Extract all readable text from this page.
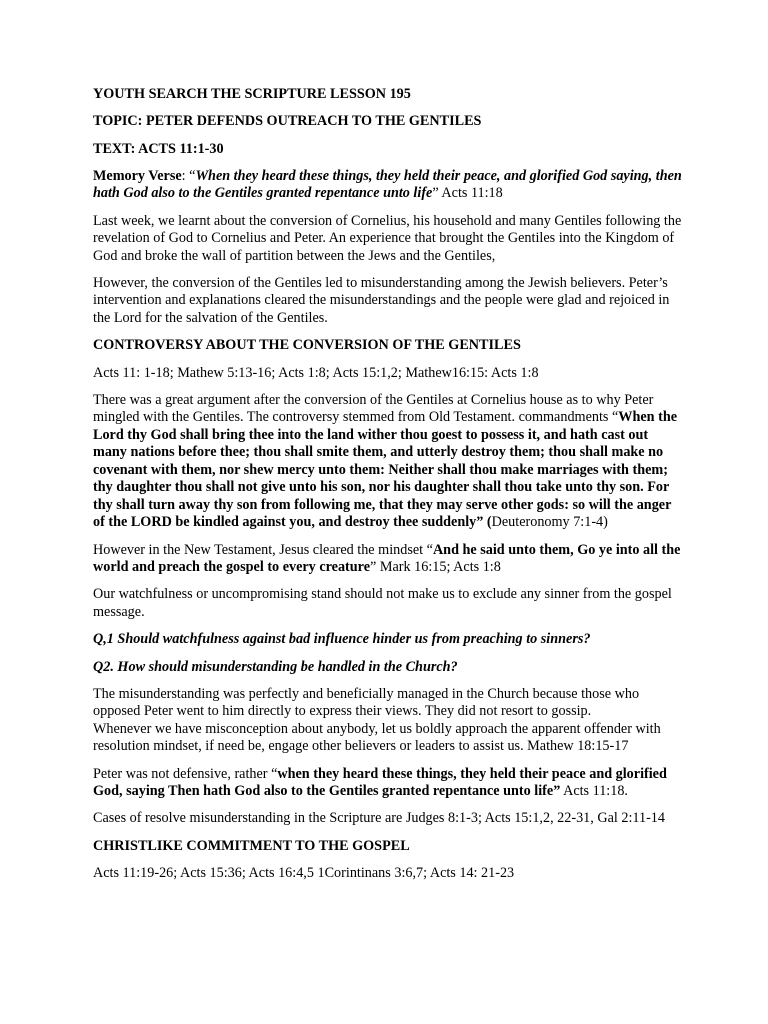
YOUTH SEARCH THE SCRIPTURE LESSON 195

TOPIC: PETER DEFENDS OUTREACH TO THE GENTILES

TEXT: ACTS 11:1-30

Memory Verse: “When they heard these things, they held their peace, and glorified God saying, then hath God also to the Gentiles granted repentance unto life” Acts 11:18

Last week, we learnt about the conversion of Cornelius, his household and many Gentiles following the revelation of God to Cornelius and Peter. An experience that brought the Gentiles into the Kingdom of God and broke the wall of partition between the Jews and the Gentiles,

However, the conversion of the Gentiles led to misunderstanding among the Jewish believers. Peter’s intervention and explanations cleared the misunderstandings and the people were glad and rejoiced in the Lord for the salvation of the Gentiles.

CONTROVERSY ABOUT THE CONVERSION OF THE GENTILES

Acts 11: 1-18; Mathew 5:13-16; Acts 1:8; Acts 15:1,2; Mathew16:15: Acts 1:8

There was a great argument after the conversion of the Gentiles at Cornelius house as to why Peter mingled with the Gentiles. The controversy stemmed from Old Testament. commandments “When the Lord thy God shall bring thee into the land wither thou goest to possess it, and hath cast out many nations before thee; thou shall smite them, and utterly destroy them; thou shall make no covenant with them, nor shew mercy unto them: Neither shall thou make marriages with them; thy daughter thou shall not give unto his son, nor his daughter shall thou take unto thy son. For thy shall turn away thy son from following me, that they may serve other gods: so will the anger of the LORD be kindled against you, and destroy thee suddenly” (Deuteronomy 7:1-4)

However in the New Testament, Jesus cleared the mindset “And he said unto them, Go ye into all the world and preach the gospel to every creature” Mark 16:15; Acts 1:8

Our watchfulness or uncompromising stand should not make us to exclude any sinner from the gospel message.

Q,1 Should watchfulness against bad influence hinder us from preaching to sinners?

Q2. How should misunderstanding be handled in the Church?

The misunderstanding was perfectly and beneficially managed in the Church because those who opposed Peter went to him directly to express their views. They did not resort to gossip.
Whenever we have misconception about anybody, let us boldly approach the apparent offender with resolution mindset, if need be, engage other believers or leaders to assist us. Mathew 18:15-17

Peter was not defensive, rather “when they heard these things, they held their peace and glorified God, saying Then hath God also to the Gentiles granted repentance unto life” Acts 11:18.

Cases of resolve misunderstanding in the Scripture are Judges 8:1-3; Acts 15:1,2, 22-31, Gal 2:11-14

CHRISTLIKE COMMITMENT TO THE GOSPEL

Acts 11:19-26; Acts 15:36; Acts 16:4,5 1Corintinans 3:6,7; Acts 14: 21-23
